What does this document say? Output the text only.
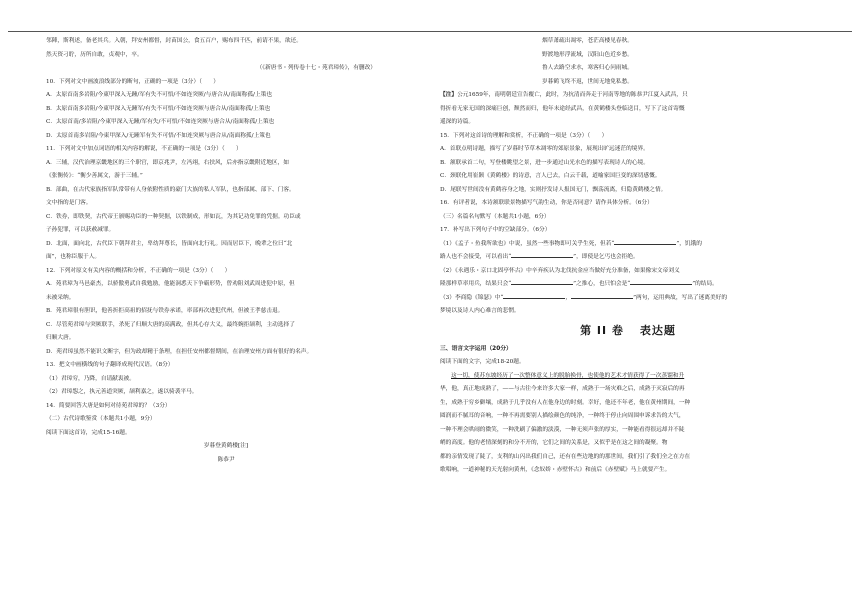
邻陣，斯利述，备老其兵。入朝，拜安州都督，封苗国公，食五百户，赐布四千匹，前请不果，欲还。
然天资刁聍，历所自敢，贞观中，卒。
（《新唐书・列传卷十七・苑君璋传》，有删改）
10．下列对文中画波浪线部分的断句，正确的一项是（3分）（　　）
A．太原首南多岩阻/今東甲深入无踵/军有失不可悟/不如连突厥/与唐合从/南面称孤/上策也
B．太原首南多岩阻/今東甲深入无踵军/有失不可悟/不如连突厥与唐合从/南面称孤/上策也
C．太原首南/多岩阻/今東甲深入无踵/军有失/不可悟/不如连突厥与唐合从/南面称孤/上策也
D．太原首南多岩阻/今東甲深入/无踵军有失不可悟/不如连突厥与唐合从/南面称孤/上策也
11．下列对文中加点词语的相关内容的解说，不正确的一项是（3分）（　　）
A．三辅，汉代治理京畿地区的三个职官，即京兆尹，左冯翊，右扶风，后亦指京畿附近地区，如
《张衡传》：“衡少善属文，游于三辅。”
B．部曲，在古代家族指军队常带有人身依附性质的豪门大族的私人军队，也指部属、部下、门客。
文中指的是门客。
C．铁券，即铁契，古代帝王颁赐功臣的一种契据，以铁制成，形如瓦，为其记功免罪的凭据。功臣或
子孙犯罪，可以获赦减罪。
D．北面，面向北，古代臣下朝拜君主，卑幼拜尊长，皆面向北行礼。因而居臣下，晚辈之位曰“北
面”，也称臣服于人。
12．下列对原文有关内容的概括和分析，不正确的一项是（3分）（　　）
A．苑君璋为马邑豪杰，以骄傲勇武自我勉励，他能洞悉天下争霸形势，曾劝阻刘武周进犯中原，但
未被采纳。
B．苑君璋很有胆识，他善折拒高祖的招抚与铁券承诺，率部再次进犯代州，但被王孝慈击退。
C．尽管苑君璋与突厥联手，杀死了归顺大唐的高满政，但其心存大义，最终婉拒颉利，主动选择了
归顺大唐。
D．苑君璋虽然不能识文断字，但为政却精于条理，在担任安州都督期间，在治理安州方面有很好的名声。
13．把文中画横线的句子翻译成现代汉语。（8分）
（1）君璋穷，乃降，自请献衷被。
（2）君璋怨之，执元善道突厥，颉利嘉之，遂以骑袭平马。
14．简要回答大唐是如何对待苑君璋的？（3分）
（二）古代诗歌鉴赏（本题共1小题，9分）
阅读下面这首诗，完成15-16题。
岁暮登黄鹤楼[注]
陈恭尹
烟草萧疏出凋零，苍茫高楼见春秋。
野渡地形浮流域，汉阳山色近乡愁。
鲁人去路空求水，寒客归心问雨城。
岁暮鹤飞终不返，世间无地免私愁。
【注】公元1659年，南明朝廷宣告覆亡，此时，为抗清而奔走于河南等地的陈恭尹江夏入武昌，只
得折看无家无国的深痛巨创，颓然而归，他年末途经武昌，在黄鹤楼头登临送目，写下了这首寄慨
遥深的诗篇。
15．下列对这首诗的理解和赏析，不正确的一项是（3分）（　　）
A．首联点明诗题，描写了岁暮时节草木凋零的郊原景象，展现出旷远迷茫的境界。
B．颔联承首二句，写登楼眺望之景，进一步通过山光水色的描写表现诗人的心境。
C．颈联化用崔颢《黄鹤楼》的诗意，言人已去，白云千载，道喻家国巨变的深切感慨。
D．尾联写世间没有黄鹤容身之地，实则抒发诗人报国无门，飘荡流离，归隐黄鹤楼之情。
16．有评者说，本诗颔联联景物描写气韵生动，你是否同意？请作具体分析。（6分）
（三）名篇名句默写（本题共1小题，6分）
17．补写出下列句子中的空缺部分。（6分）
（1）《孟子・鱼我所欲也》中说，虽然一些事物即可关乎生死，但若“	”，饥饿的
路人也不会接受，可以看出“	”，即使是乞丐也会拒绝。
（2）《永遇乐・京口北固亭怀古》中辛弃疾认为北伐抗金应当做好充分准备，如果像宋文帝刘义
隆那样草率用兵，结果只会“	”之推心，也只怕会是“	”的结局。
（3）李商隐《锦瑟》中“	，	”两句，运用典故，写出了迷离美好的
梦境以及诗人内心难言的悲惘。
第 II 卷 表达题
三、语言文字运用（20分）
阅读下面的文字，完成18-20题。
这一切，使苏东坡经历了一次整体意义上的脱胎换骨，也使他的艺术才情获得了一次蒸馏和升
华，他，真正地成熟了，——与古往今来许多大家一样，成熟于一场灾难之后，成熟于灭寂后的再
生，成熟于穷乡僻壤，成熟于几乎没有人在他身边的时刻。幸好，他还不年老，他在黄州期间，一种
圆润而不腻耳的音响，一种不再需要别人描绘颜色的纯净，一种终于停止向周围申诉求告的大气，
一种不理会哄闹的微笑，一种洗刷了偏激的淡漠，一种无须声张的厚实，一种能看得很远却并不陡
峭的高度。他的老情深刻的和分不开的，它们之间的关系是，又似乎是在这之间的凝聚。物
都的亲情发现了陡了，支利的山闪出我们自己，还有在些边地的的那世间，我们引了我们全之在方在
歌唱响，一道神秘的天光射向黄州，《念奴娇・赤壁怀古》和前后《赤壁赋》马上就要产生。
